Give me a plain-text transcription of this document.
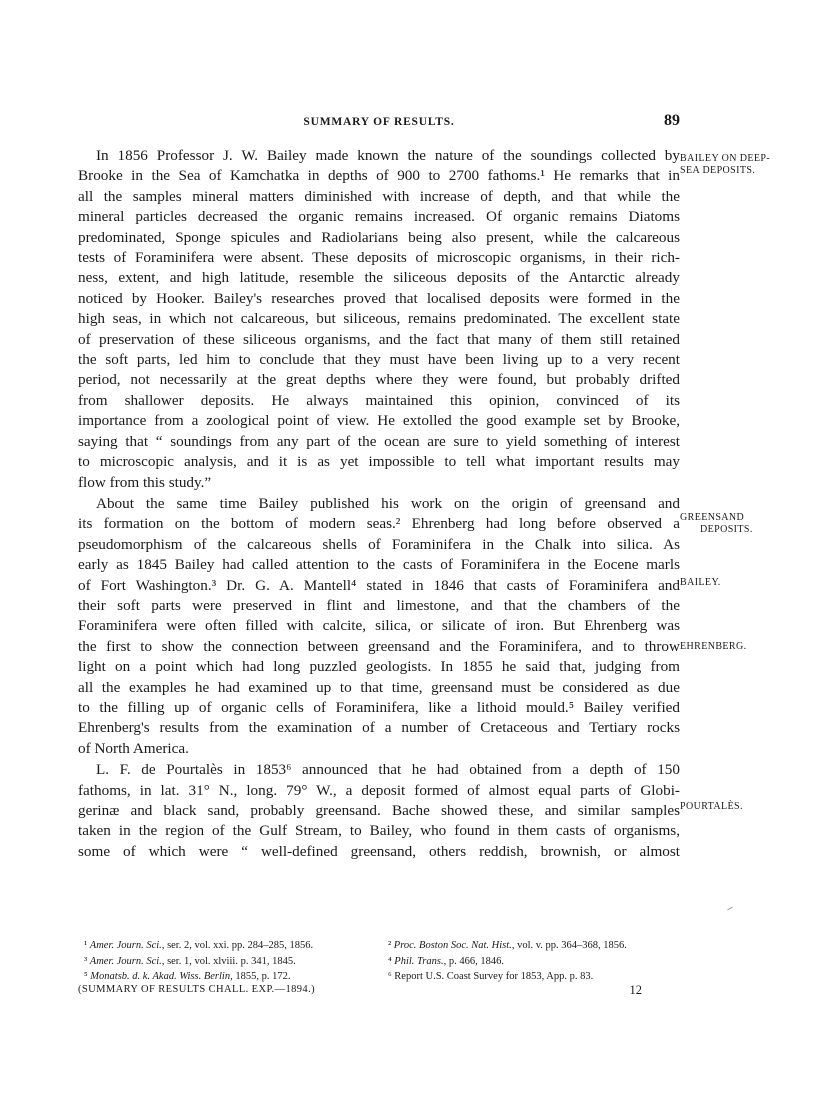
SUMMARY OF RESULTS.	89
In 1856 Professor J. W. Bailey made known the nature of the soundings collected by
Brooke in the Sea of Kamchatka in depths of 900 to 2700 fathoms.¹ He remarks that in
all the samples mineral matters diminished with increase of depth, and that while the
mineral particles decreased the organic remains increased. Of organic remains Diatoms
predominated, Sponge spicules and Radiolarians being also present, while the calcareous
tests of Foraminifera were absent. These deposits of microscopic organisms, in their rich-
ness, extent, and high latitude, resemble the siliceous deposits of the Antarctic already
noticed by Hooker. Bailey's researches proved that localised deposits were formed in the
high seas, in which not calcareous, but siliceous, remains predominated. The excellent state
of preservation of these siliceous organisms, and the fact that many of them still retained
the soft parts, led him to conclude that they must have been living up to a very recent
period, not necessarily at the great depths where they were found, but probably drifted
from shallower deposits. He always maintained this opinion, convinced of its
importance from a zoological point of view. He extolled the good example set by Brooke,
saying that “ soundings from any part of the ocean are sure to yield something of interest
to microscopic analysis, and it is as yet impossible to tell what important results may
flow from this study.”
About the same time Bailey published his work on the origin of greensand and
its formation on the bottom of modern seas.² Ehrenberg had long before observed a
pseudomorphism of the calcareous shells of Foraminifera in the Chalk into silica. As
early as 1845 Bailey had called attention to the casts of Foraminifera in the Eocene marls
of Fort Washington.³ Dr. G. A. Mantell⁴ stated in 1846 that casts of Foraminifera and
their soft parts were preserved in flint and limestone, and that the chambers of the
Foraminifera were often filled with calcite, silica, or silicate of iron. But Ehrenberg was
the first to show the connection between greensand and the Foraminifera, and to throw
light on a point which had long puzzled geologists. In 1855 he said that, judging from
all the examples he had examined up to that time, greensand must be considered as due
to the filling up of organic cells of Foraminifera, like a lithoid mould.⁵ Bailey verified
Ehrenberg's results from the examination of a number of Cretaceous and Tertiary rocks
of North America.
L. F. de Pourtalès in 1853⁶ announced that he had obtained from a depth of 150
fathoms, in lat. 31° N., long. 79° W., a deposit formed of almost equal parts of Globi-
gerinæ and black sand, probably greensand. Bache showed these, and similar samples
taken in the region of the Gulf Stream, to Bailey, who found in them casts of organisms,
some of which were “ well-defined greensand, others reddish, brownish, or almost
BAILEY ON DEEP-
SEA DEPOSITS.
GREENSAND
DEPOSITS.
BAILEY.
EHRENBERG.
POURTALÈS.
¹ Amer. Journ. Sci., ser. 2, vol. xxi. pp. 284–285, 1856.
³ Amer. Journ. Sci., ser. 1, vol. xlviii. p. 341, 1845.
⁵ Monatsb. d. k. Akad. Wiss. Berlin, 1855, p. 172.
² Proc. Boston Soc. Nat. Hist., vol. v. pp. 364–368, 1856.
⁴ Phil. Trans., p. 466, 1846.
⁶ Report U.S. Coast Survey for 1853, App. p. 83.
(SUMMARY OF RESULTS CHALL. EXP.—1894.)	12
